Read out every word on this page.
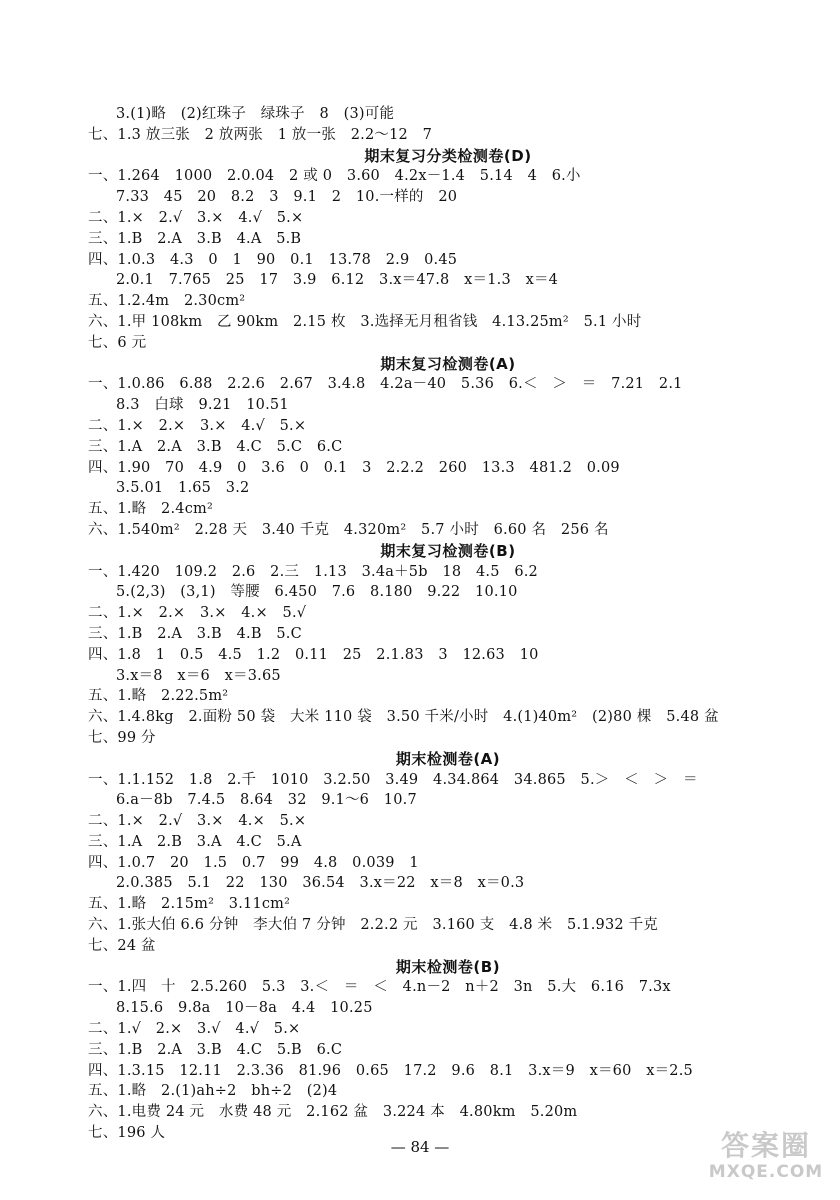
3.(1)略　(2)红珠子　绿珠子　8　(3)可能
七、1.3 放三张　2 放两张　1 放一张　2.2～12　7
期末复习分类检测卷(D)
一、1.264　1000　2.0.04　2 或 0　3.60　4.2x－1.4　5.14　4　6.小
7.33　45　20　8.2　3　9.1　2　10.一样的　20
二、1.×　2.√　3.×　4.√　5.×
三、1.B　2.A　3.B　4.A　5.B
四、1.0.3　4.3　0　1　90　0.1　13.78　2.9　0.45
2.0.1　7.765　25　17　3.9　6.12　3.x＝47.8　x＝1.3　x＝4
五、1.2.4m　2.30cm²
六、1.甲 108km　乙 90km　2.15 枚　3.选择无月租省钱　4.13.25m²　5.1 小时
七、6 元
期末复习检测卷(A)
一、1.0.86　6.88　2.2.6　2.67　3.4.8　4.2a－40　5.36　6.＜　＞　＝　7.21　2.1
8.3　白球　9.21　10.51
二、1.×　2.×　3.×　4.√　5.×
三、1.A　2.A　3.B　4.C　5.C　6.C
四、1.90　70　4.9　0　3.6　0　0.1　3　2.2.2　260　13.3　481.2　0.09
3.5.01　1.65　3.2
五、1.略　2.4cm²
六、1.540m²　2.28 天　3.40 千克　4.320m²　5.7 小时　6.60 名　256 名
期末复习检测卷(B)
一、1.420　109.2　2.6　2.三　1.13　3.4a＋5b　18　4.5　6.2
5.(2,3)　(3,1)　等腰　6.450　7.6　8.180　9.22　10.10
二、1.×　2.×　3.×　4.×　5.√
三、1.B　2.A　3.B　4.B　5.C
四、1.8　1　0.5　4.5　1.2　0.11　25　2.1.83　3　12.63　10
3.x＝8　x＝6　x＝3.65
五、1.略　2.22.5m²
六、1.4.8kg　2.面粉 50 袋　大米 110 袋　3.50 千米/小时　4.(1)40m²　(2)80 棵　5.48 盆
七、99 分
期末检测卷(A)
一、1.1.152　1.8　2.千　1010　3.2.50　3.49　4.34.864　34.865　5.＞　＜　＞　＝
6.a－8b　7.4.5　8.64　32　9.1～6　10.7
二、1.×　2.√　3.×　4.×　5.×
三、1.A　2.B　3.A　4.C　5.A
四、1.0.7　20　1.5　0.7　99　4.8　0.039　1
2.0.385　5.1　22　130　36.54　3.x＝22　x＝8　x＝0.3
五、1.略　2.15m²　3.11cm²
六、1.张大伯 6.6 分钟　李大伯 7 分钟　2.2.2 元　3.160 支　4.8 米　5.1.932 千克
七、24 盆
期末检测卷(B)
一、1.四　十　2.5.260　5.3　3.＜　＝　＜　4.n－2　n＋2　3n　5.大　6.16　7.3x
8.15.6　9.8a　10－8a　4.4　10.25
二、1.√　2.×　3.√　4.√　5.×
三、1.B　2.A　3.B　4.C　5.B　6.C
四、1.3.15　12.11　2.3.36　81.96　0.65　17.2　9.6　8.1　3.x＝9　x＝60　x＝2.5
五、1.略　2.(1)ah÷2　bh÷2　(2)4
六、1.电费 24 元　水费 48 元　2.162 盆　3.224 本　4.80km　5.20m
七、196 人
— 84 —	答案圈
MXQE.COM
